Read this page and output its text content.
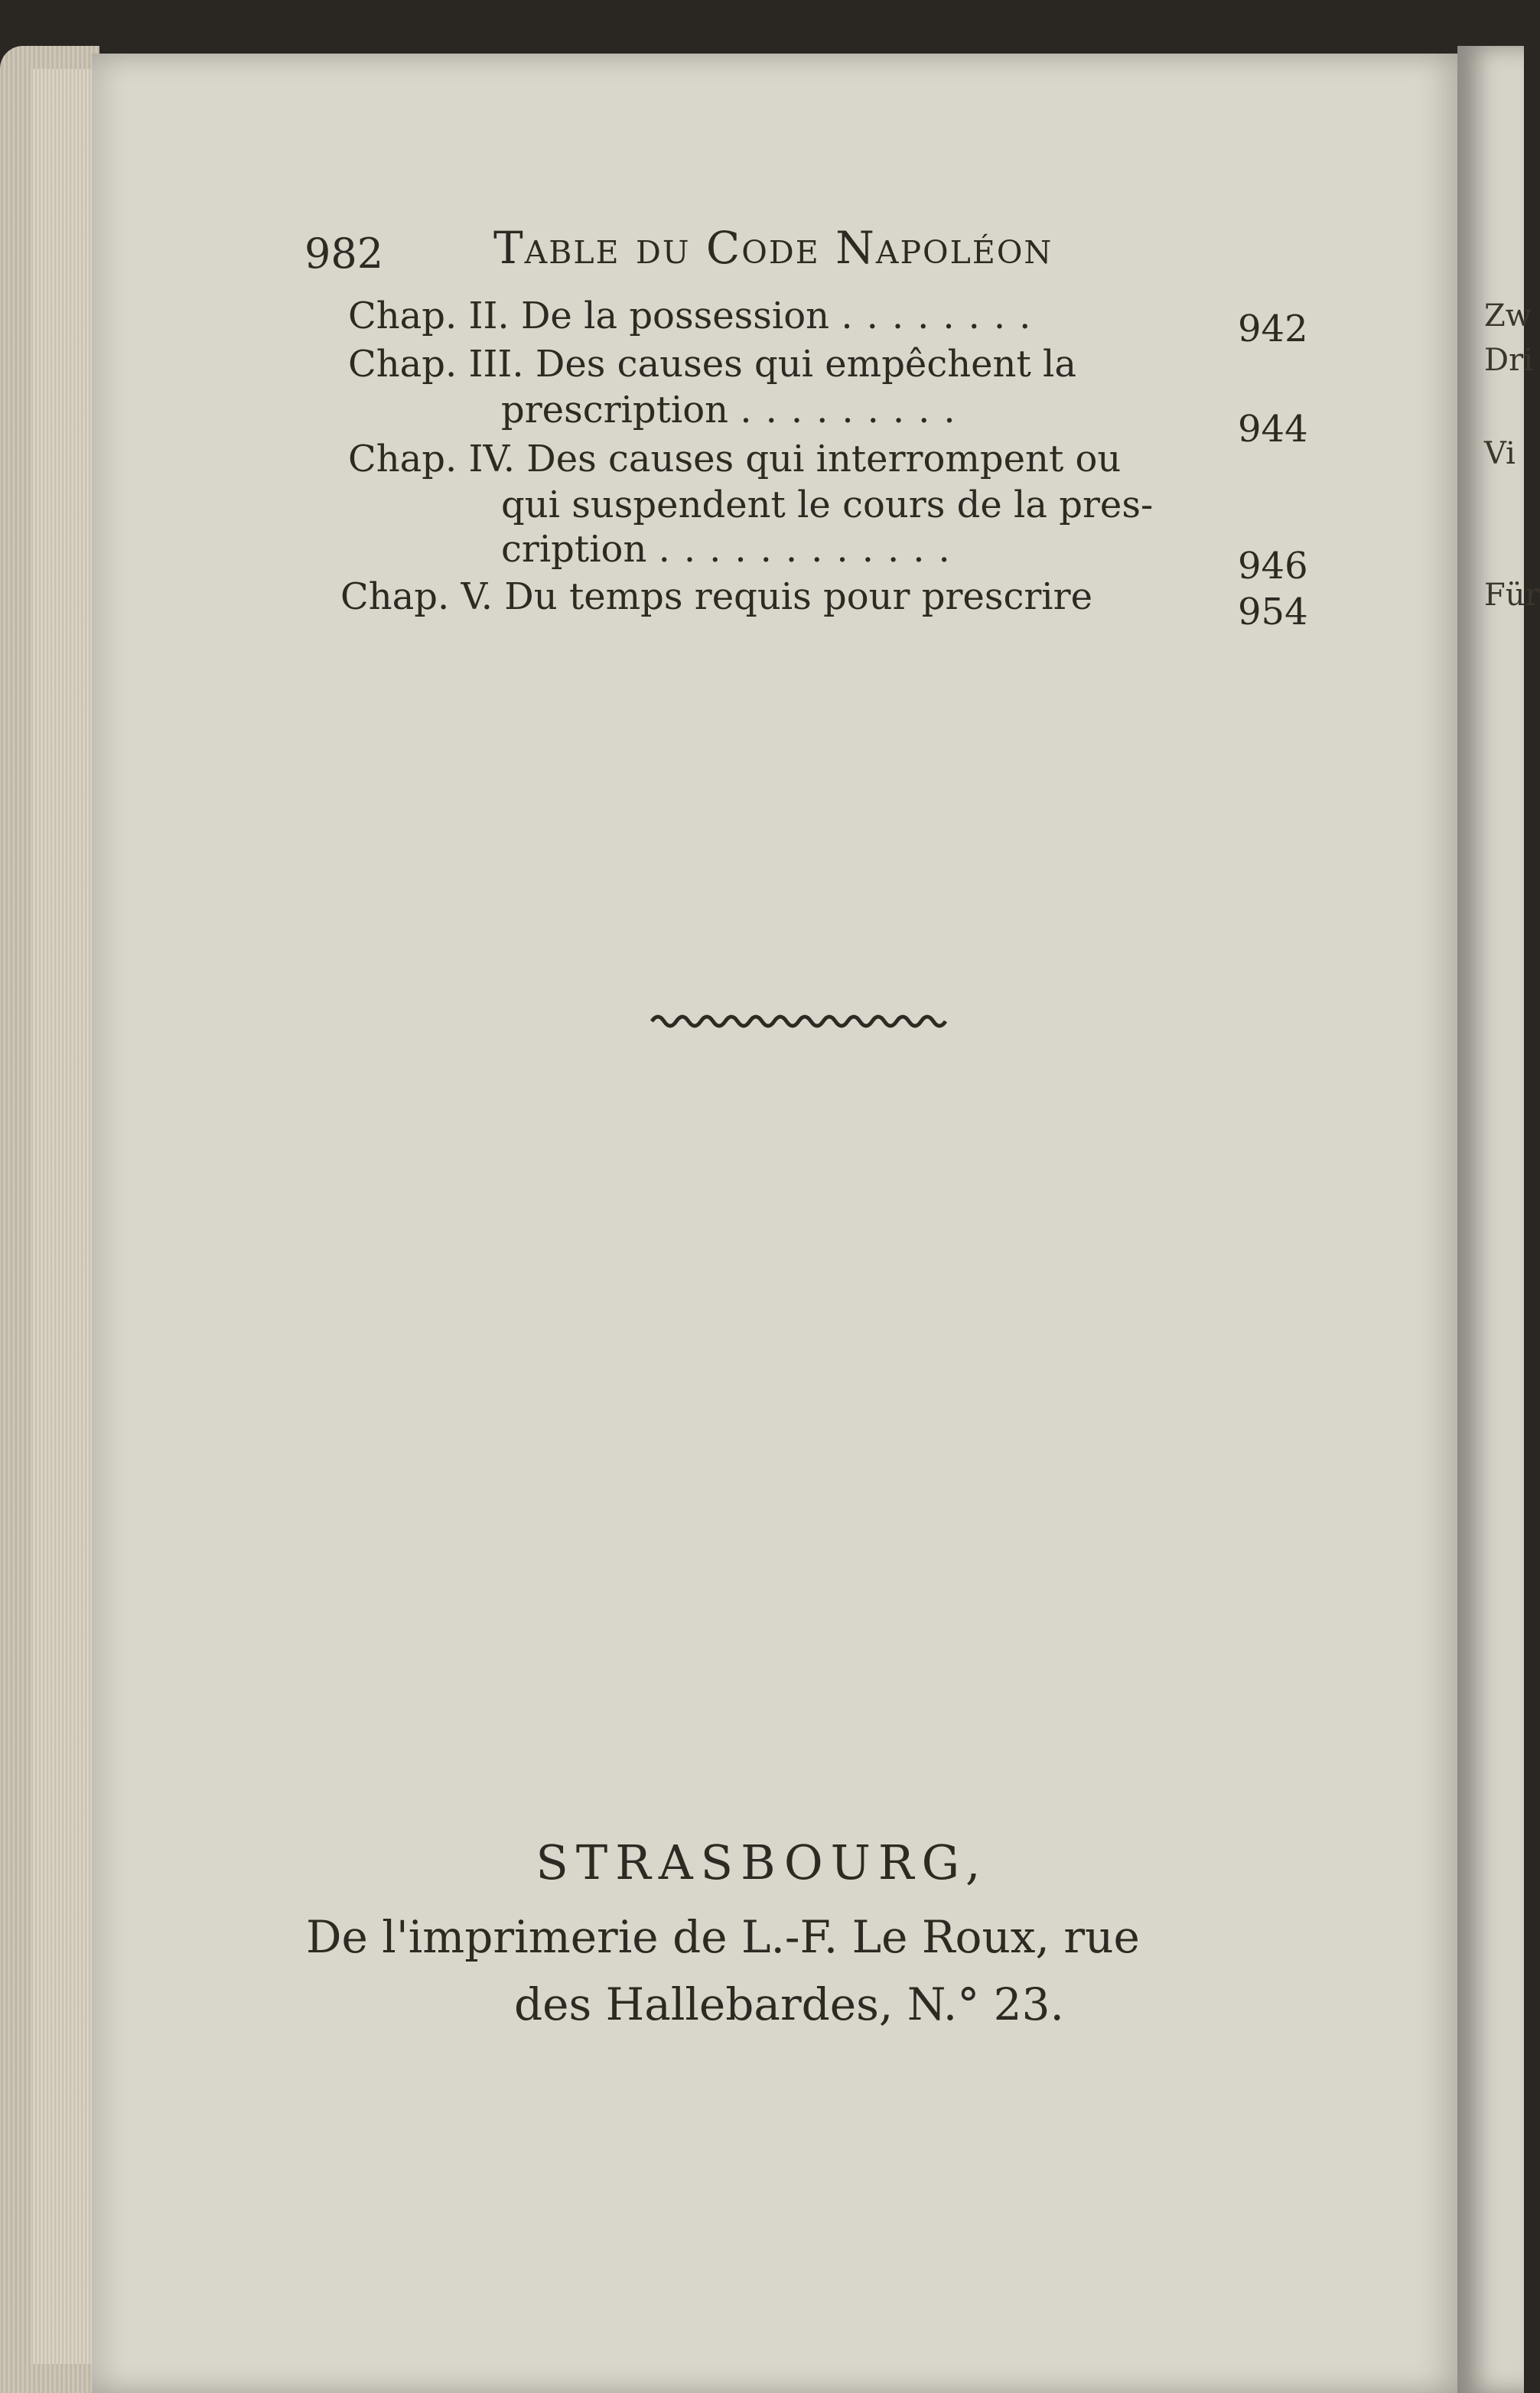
Zw
Dri
Vi
Für
982 Table du Code Napoléon
Chap. II. De la possession ........	942
Chap. III. Des causes qui empêchent la
prescription .........	944
Chap. IV. Des causes qui interrompent ou
qui suspendent le cours de la pres-
cription ............	946
Chap. V. Du temps requis pour prescrire	954
STRASBOURG,
De l'imprimerie de L.-F. Le Roux, rue
des Hallebardes, N.° 23.
